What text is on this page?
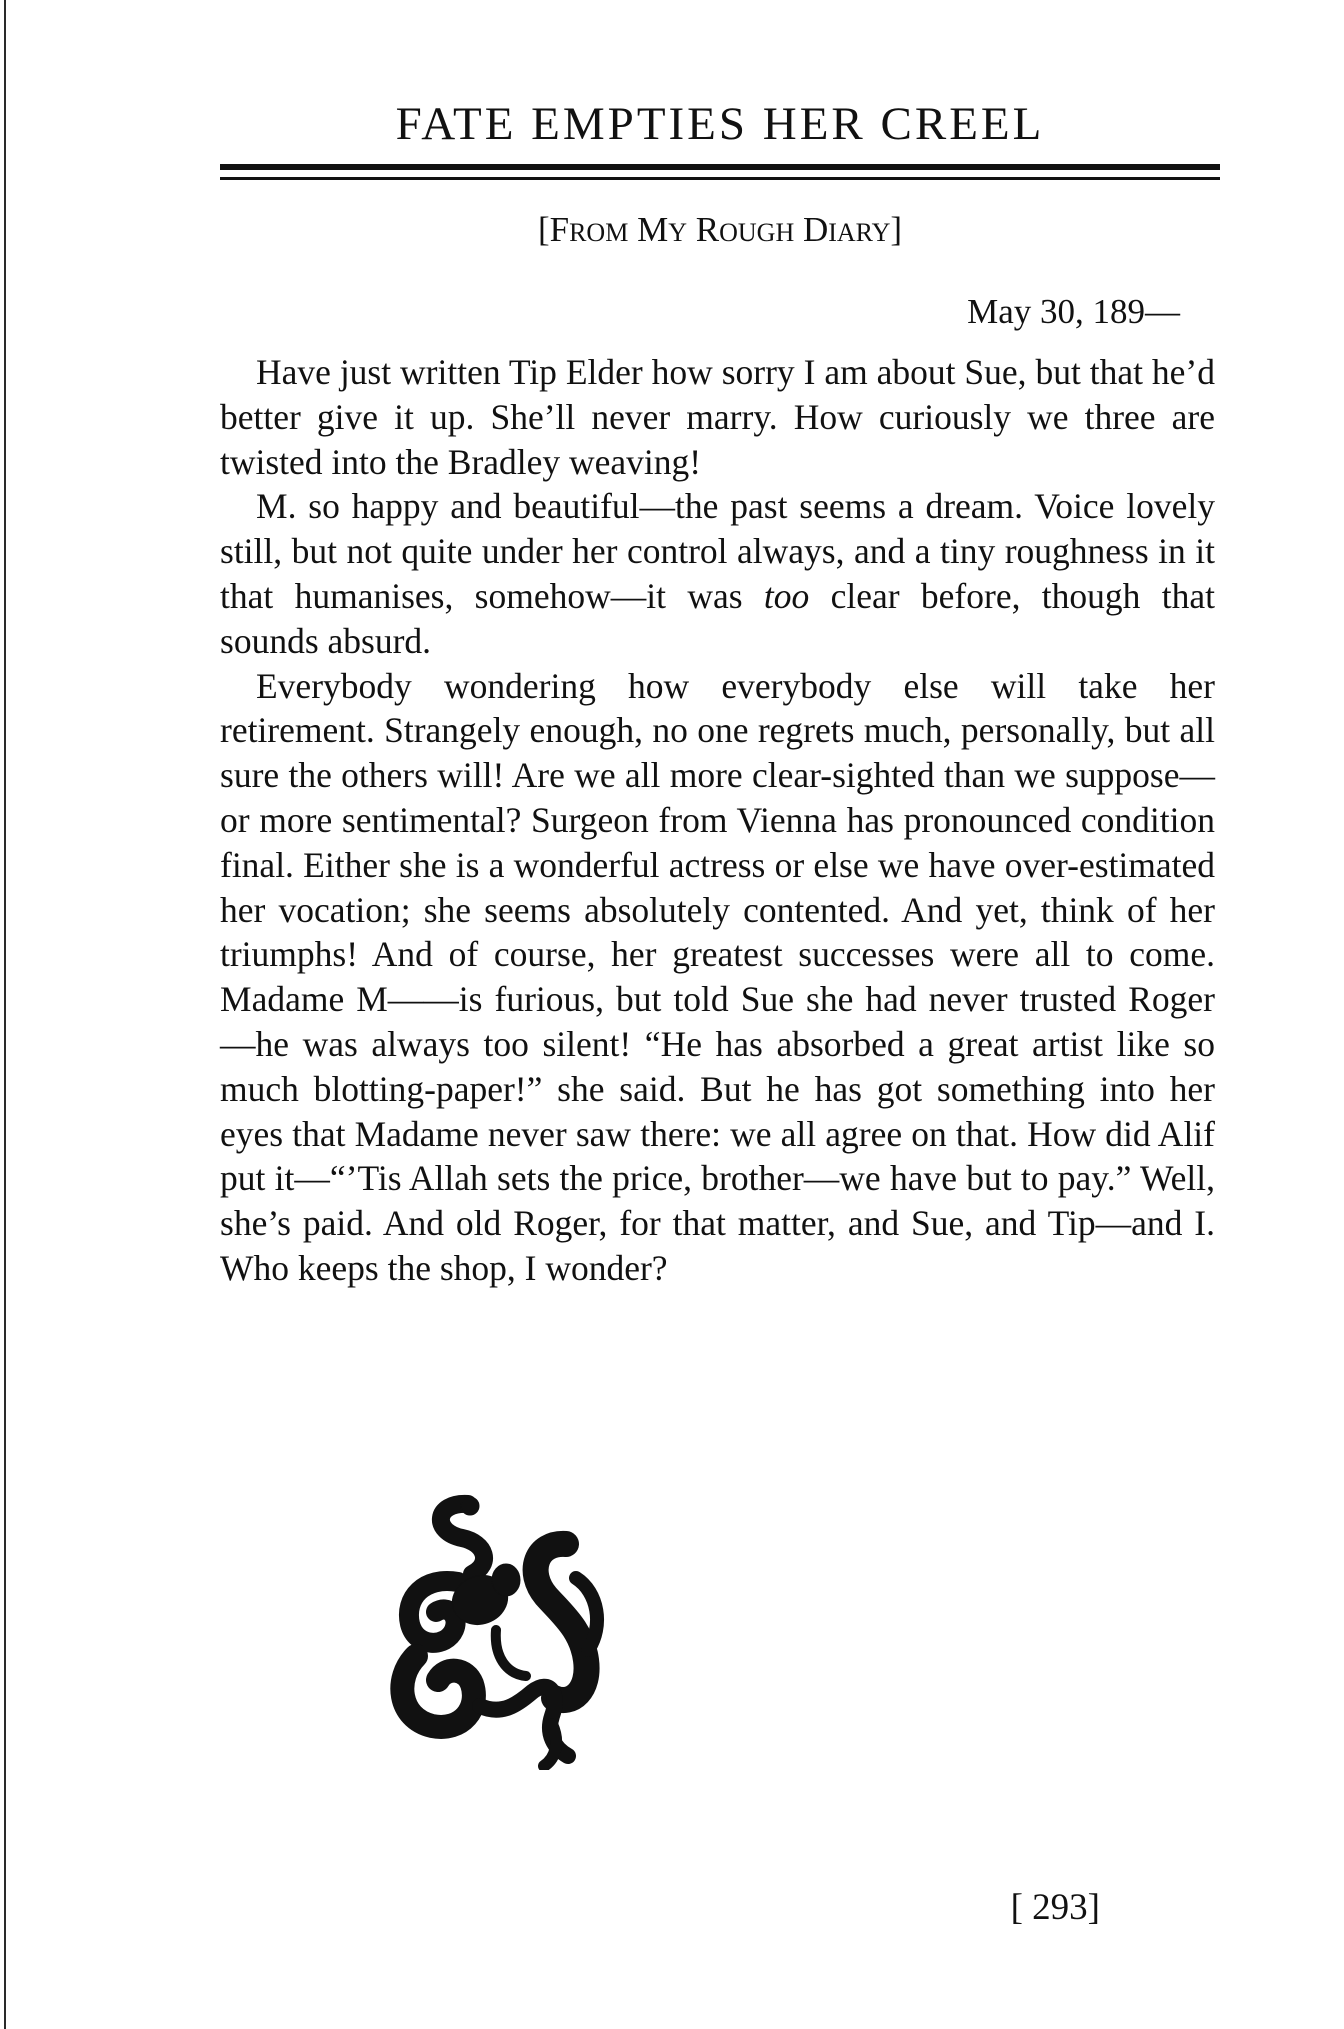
FATE EMPTIES HER CREEL
[FROM MY ROUGH DIARY]
May 30, 189—

Have just written Tip Elder how sorry I am about Sue, but that he’d better give it up. She’ll never marry. How curiously we three are twisted into the Bradley weaving!

M. so happy and beautiful—the past seems a dream. Voice lovely still, but not quite under her control always, and a tiny roughness in it that humanises, somehow—it was too clear before, though that sounds absurd.

Everybody wondering how everybody else will take her retirement. Strangely enough, no one regrets much, personally, but all sure the others will! Are we all more clear-sighted than we suppose—or more sentimental? Surgeon from Vienna has pronounced condition final. Either she is a wonderful actress or else we have over-estimated her vocation; she seems absolutely contented. And yet, think of her triumphs! And of course, her greatest successes were all to come. Madame M——is furious, but told Sue she had never trusted Roger—he was always too silent! “He has absorbed a great artist like so much blotting-paper!” she said. But he has got something into her eyes that Madame never saw there: we all agree on that. How did Alif put it—“’Tis Allah sets the price, brother—we have but to pay.” Well, she’s paid. And old Roger, for that matter, and Sue, and Tip—and I. Who keeps the shop, I wonder?

[ 293]
